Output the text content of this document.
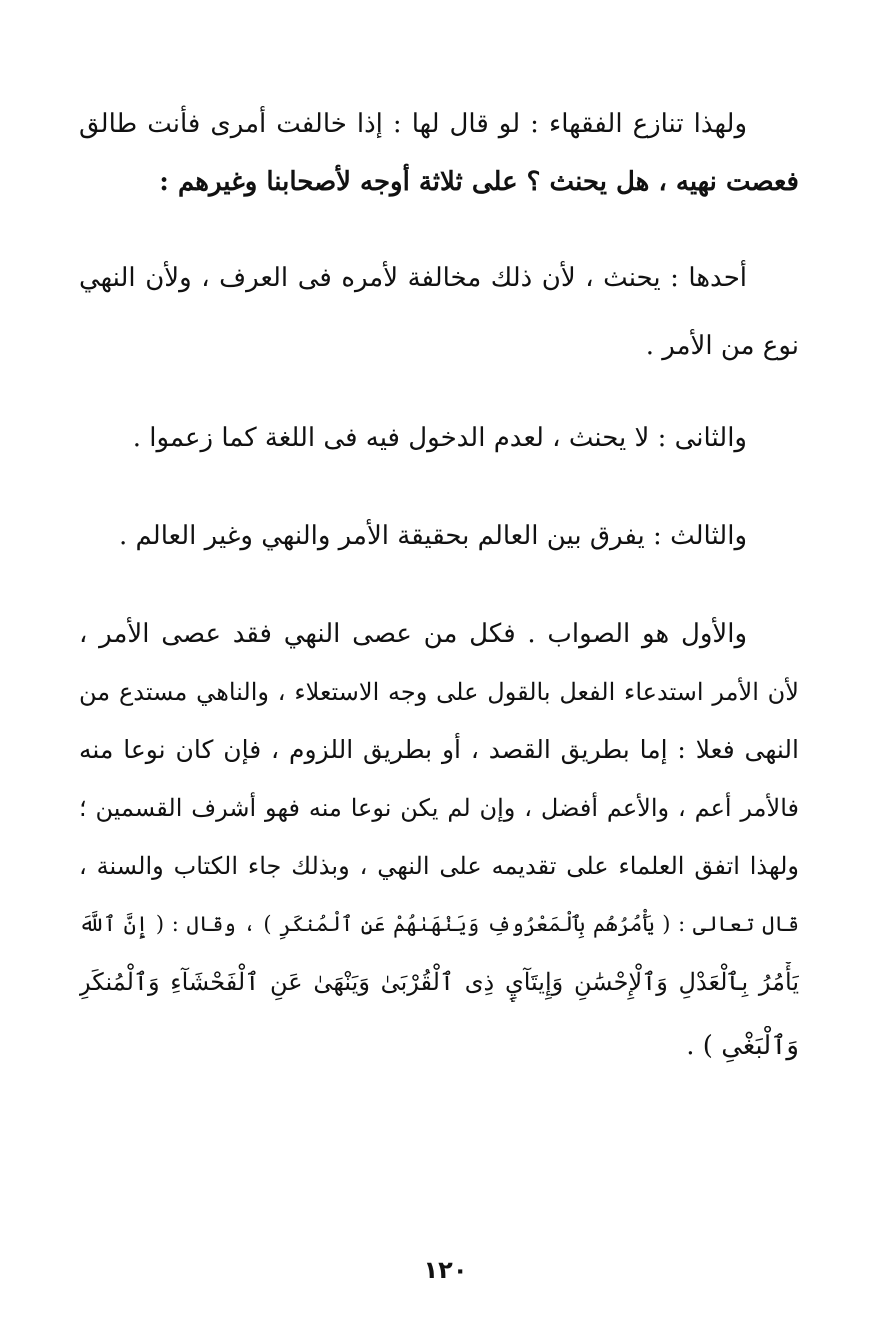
ولهذا تنازع الفقهاء : لو قال لها : إذا خالفت أمرى فأنت طالق
فعصت نهيه ، هل يحنث ؟ على ثلاثة أوجه لأصحابنا وغيرهم :
أحدها : يحنث ، لأن ذلك مخالفة لأمره فى العرف ، ولأن النهي
نوع من الأمر .
والثانى : لا يحنث ، لعدم الدخول فيه فى اللغة كما زعموا .
والثالث : يفرق بين العالم بحقيقة الأمر والنهي وغير العالم .
والأول هو الصواب . فكل من عصى النهي فقد عصى الأمر ،
لأن الأمر استدعاء الفعل بالقول على وجه الاستعلاء ، والناهي مستدع من
النهى فعلا : إما بطريق القصد ، أو بطريق اللزوم ، فإن كان نوعا منه
فالأمر أعم ، والأعم أفضل ، وإن لم يكن نوعا منه فهو أشرف القسمين ؛
ولهذا اتفق العلماء على تقديمه على النهي ، وبذلك جاء الكتاب والسنة ،
قال تعالى : ( يَأْمُرُهُم بِٱلْمَعْرُوفِ وَيَنْهَىٰهُمْ عَنِ ٱلْمُنكَرِ ) ، وقال : ( إِنَّ ٱللَّهَ
يَأْمُرُ بِٱلْعَدْلِ وَٱلْإِحْسَٰنِ وَإِيتَآيِٕ ذِى ٱلْقُرْبَىٰ وَيَنْهَىٰ عَنِ ٱلْفَحْشَآءِ وَٱلْمُنكَرِ
وَٱلْبَغْىِ ) .
١٢٠
